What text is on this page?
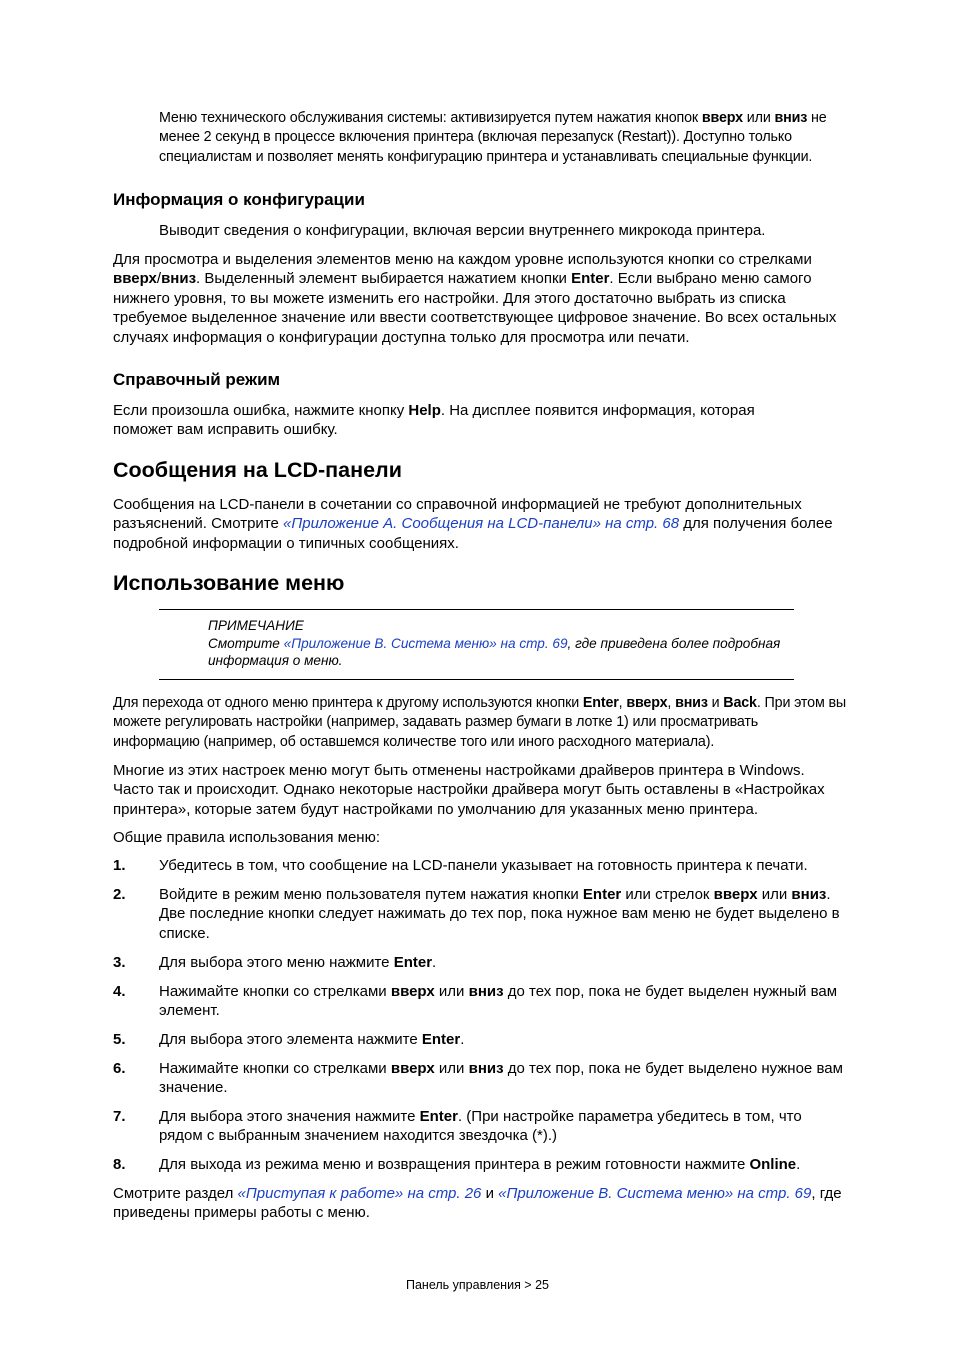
Меню технического обслуживания системы: активизируется путем нажатия кнопок вверх или вниз не менее 2 секунд в процессе включения принтера (включая перезапуск (Restart)). Доступно только специалистам и позволяет менять конфигурацию принтера и устанавливать специальные функции.

Информация о конфигурации

Выводит сведения о конфигурации, включая версии внутреннего микрокода принтера.

Для просмотра и выделения элементов меню на каждом уровне используются кнопки со стрелками вверх/вниз. Выделенный элемент выбирается нажатием кнопки Enter. Если выбрано меню самого нижнего уровня, то вы можете изменить его настройки. Для этого достаточно выбрать из списка требуемое выделенное значение или ввести соответствующее цифровое значение. Во всех остальных случаях информация о конфигурации доступна только для просмотра или печати.

Справочный режим

Если произошла ошибка, нажмите кнопку Help. На дисплее появится информация, которая поможет вам исправить ошибку.

Сообщения на LCD-панели

Сообщения на LCD-панели в сочетании со справочной информацией не требуют дополнительных разъяснений. Смотрите «Приложение A. Сообщения на LCD-панели» на стр. 68 для получения более подробной информации о типичных сообщениях.

Использование меню

ПРИМЕЧАНИЕ

Смотрите «Приложение B. Система меню» на стр. 69, где приведена более подробная информация о меню.

Для перехода от одного меню принтера к другому используются кнопки Enter, вверх, вниз и Back. При этом вы можете регулировать настройки (например, задавать размер бумаги в лотке 1) или просматривать информацию (например, об оставшемся количестве того или иного расходного материала).

Многие из этих настроек меню могут быть отменены настройками драйверов принтера в Windows. Часто так и происходит. Однако некоторые настройки драйвера могут быть оставлены в «Настройках принтера», которые затем будут настройками по умолчанию для указанных меню принтера.

Общие правила использования меню:

1.	Убедитесь в том, что сообщение на LCD-панели указывает на готовность принтера к печати.
2.	Войдите в режим меню пользователя путем нажатия кнопки Enter или стрелок вверх или вниз. Две последние кнопки следует нажимать до тех пор, пока нужное вам меню не будет выделено в списке.
3.	Для выбора этого меню нажмите Enter.
4.	Нажимайте кнопки со стрелками вверх или вниз до тех пор, пока не будет выделен нужный вам элемент.
5.	Для выбора этого элемента нажмите Enter.
6.	Нажимайте кнопки со стрелками вверх или вниз до тех пор, пока не будет выделено нужное вам значение.
7.	Для выбора этого значения нажмите Enter. (При настройке параметра убедитесь в том, что рядом с выбранным значением находится звездочка (*).)
8.	Для выхода из режима меню и возвращения принтера в режим готовности нажмите Online.

Смотрите раздел «Приступая к работе» на стр. 26 и «Приложение B. Система меню» на стр. 69, где приведены примеры работы с меню.

Панель управления > 25
